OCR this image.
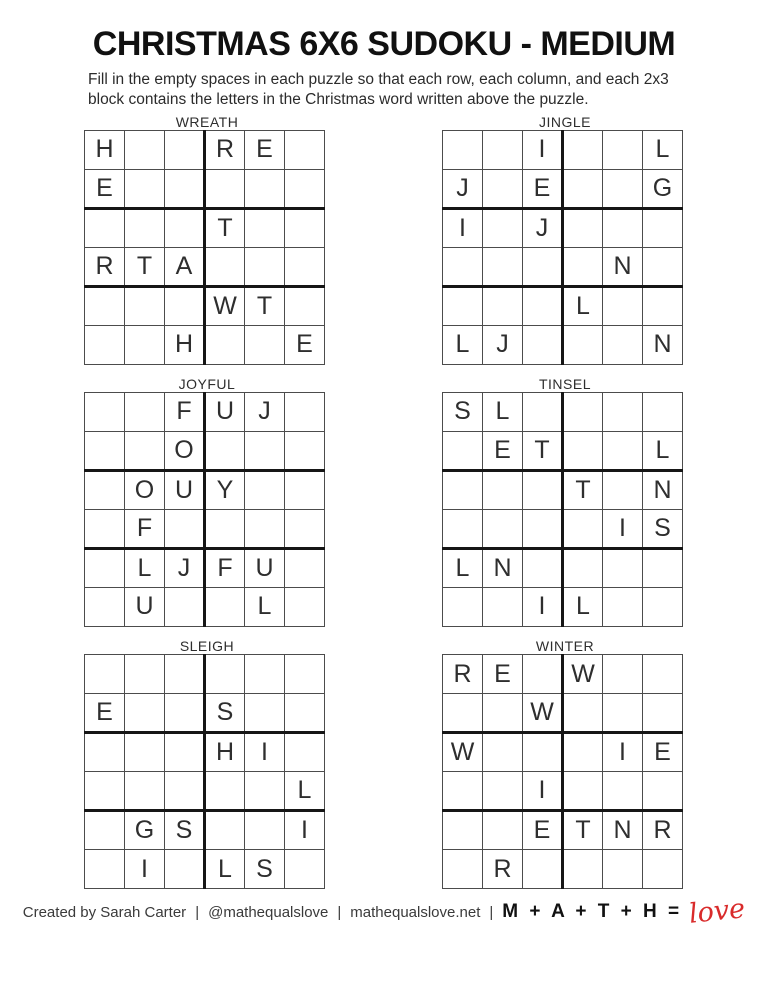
CHRISTMAS 6X6 SUDOKU - MEDIUM

Fill in the empty spaces in each puzzle so that each row, each column, and each 2x3 block contains the letters in the Christmas word written above the puzzle.

WREATH
H			R	E	
E					
			T		
R	T	A			
			W	T	
		H			E
JINGLE
		I			L
J		E			G
I		J			
				N	
			L		
L	J				N
JOYFUL
		F	U	J	
		O			
	O	U	Y		
	F				
	L	J	F	U	
	U			L	
TINSEL
S	L				
	E	T			L
			T		N
				I	S
L	N				
		I	L		
SLEIGH

E			S		
			H	I	
					L
	G	S			I
	I		L	S	
WINTER
R	E		W		
		W			
W				I	E
		I			
		E	T	N	R
	R				
Created by Sarah Carter | @mathequalslove | mathequalslove.net | M + A + T + H = love
